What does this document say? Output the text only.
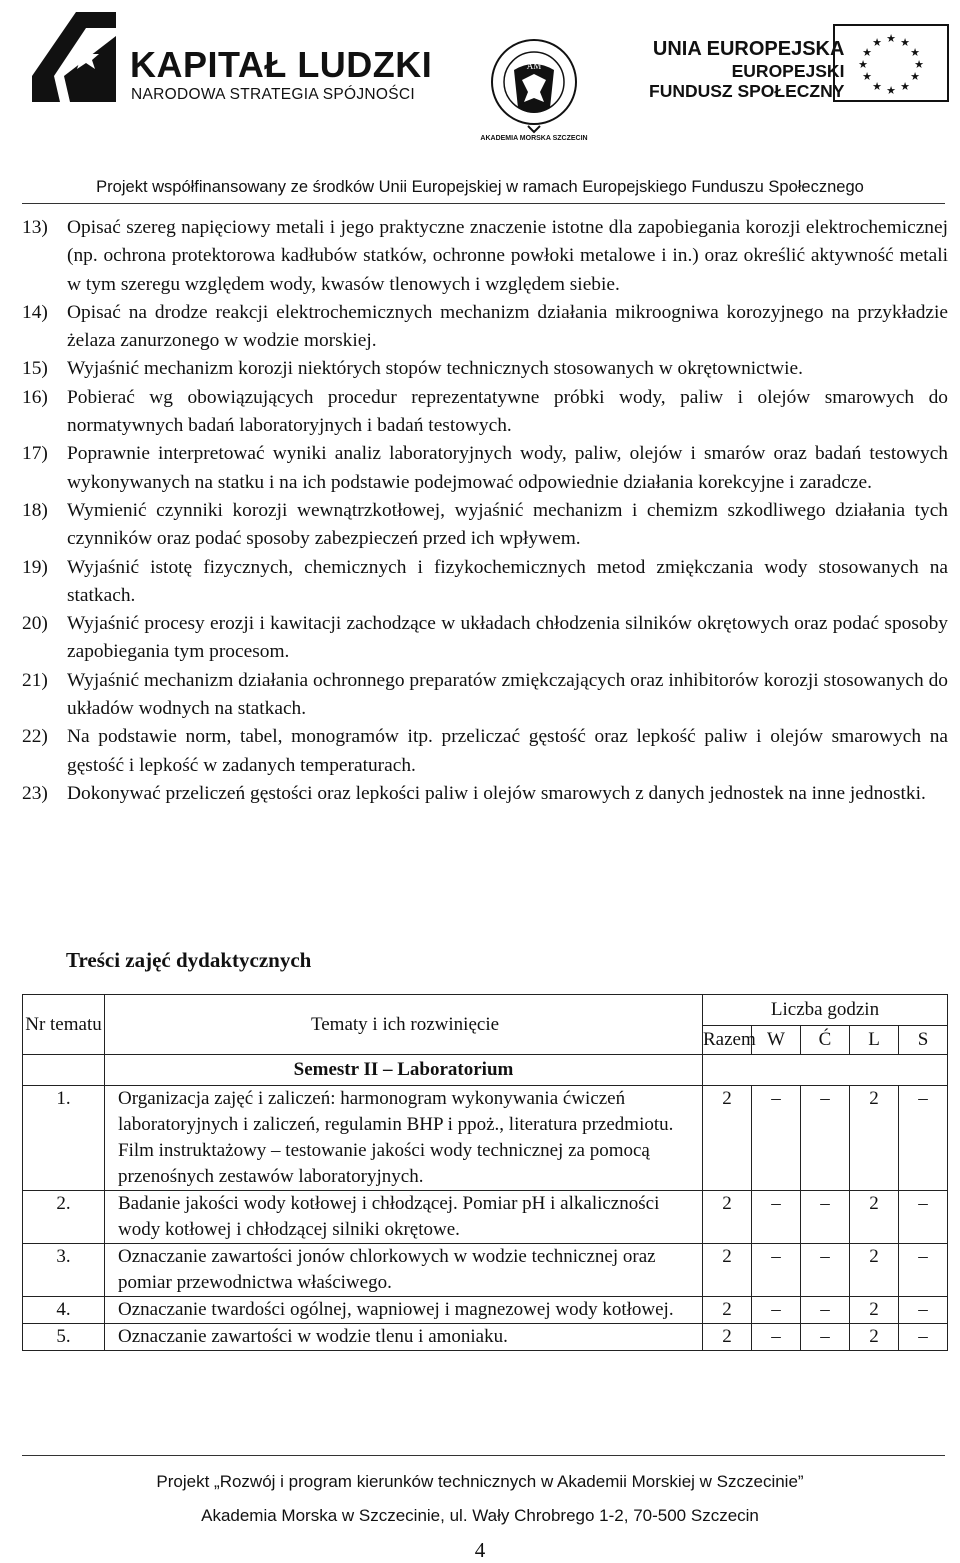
KAPITAŁ LUDZKI
NARODOWA STRATEGIA SPÓJNOŚCI
AM
AKADEMIA MORSKA SZCZECIN
UNIA EUROPEJSKA
EUROPEJSKI
FUNDUSZ SPOŁECZNY
★ ★
★
★
★
★
★
★
★
★
★
★
Projekt współfinansowany ze środków Unii Europejskiej w ramach Europejskiego Funduszu Społecznego
13) Opisać szereg napięciowy metali i jego praktyczne znaczenie istotne dla zapobiegania korozji elektrochemicznej (np. ochrona protektorowa kadłubów statków, ochronne powłoki metalowe i in.) oraz określić aktywność metali w tym szeregu względem wody, kwasów tlenowych i względem siebie.
14) Opisać na drodze reakcji elektrochemicznych mechanizm działania mikroogniwa korozyjnego na przykładzie żelaza zanurzonego w wodzie morskiej.
15) Wyjaśnić mechanizm korozji niektórych stopów technicznych stosowanych w okrętownictwie.
16) Pobierać wg obowiązujących procedur reprezentatywne próbki wody, paliw i olejów smarowych do normatywnych badań laboratoryjnych i badań testowych.
17) Poprawnie interpretować wyniki analiz laboratoryjnych wody, paliw, olejów i smarów oraz badań testowych wykonywanych na statku i na ich podstawie podejmować odpowiednie działania korekcyjne i zaradcze.
18) Wymienić czynniki korozji wewnątrzkotłowej, wyjaśnić mechanizm i chemizm szkodliwego działania tych czynników oraz podać sposoby zabezpieczeń przed ich wpływem.
19) Wyjaśnić istotę fizycznych, chemicznych i fizykochemicznych metod zmiękczania wody stosowanych na statkach.
20) Wyjaśnić procesy erozji i kawitacji zachodzące w układach chłodzenia silników okrętowych oraz podać sposoby zapobiegania tym procesom.
21) Wyjaśnić mechanizm działania ochronnego preparatów zmiękczających oraz inhibitorów korozji stosowanych do układów wodnych na statkach.
22) Na podstawie norm, tabel, monogramów itp. przeliczać gęstość oraz lepkość paliw i olejów smarowych na gęstość i lepkość w zadanych temperaturach.
23) Dokonywać przeliczeń gęstości oraz lepkości paliw i olejów smarowych z danych jednostek na inne jednostki.
Treści zajęć dydaktycznych
Nr tematu	Tematy i ich rozwinięcie	Liczba godzin				
		Razem	W	Ć	L	S
	Semestr II – Laboratorium					
1.	Organizacja zajęć i zaliczeń: harmonogram wykonywania ćwiczeń laboratoryjnych i zaliczeń, regulamin BHP i ppoż., literatura przedmiotu. Film instruktażowy – testowanie jakości wody technicznej za pomocą przenośnych zestawów laboratoryjnych.	2	–	–	2	–
2.	Badanie jakości wody kotłowej i chłodzącej. Pomiar pH i alkaliczności wody kotłowej i chłodzącej silniki okrętowe.	2	–	–	2	–
3.	Oznaczanie zawartości jonów chlorkowych w wodzie technicznej oraz pomiar przewodnictwa właściwego.	2	–	–	2	–
4.	Oznaczanie twardości ogólnej, wapniowej i magnezowej wody kotłowej.	2	–	–	2	–
5.	Oznaczanie zawartości w wodzie tlenu i amoniaku.	2	–	–	2	–
Projekt „Rozwój i program kierunków technicznych w Akademii Morskiej w Szczecinie”
Akademia Morska w Szczecinie, ul. Wały Chrobrego 1-2, 70-500 Szczecin
4
